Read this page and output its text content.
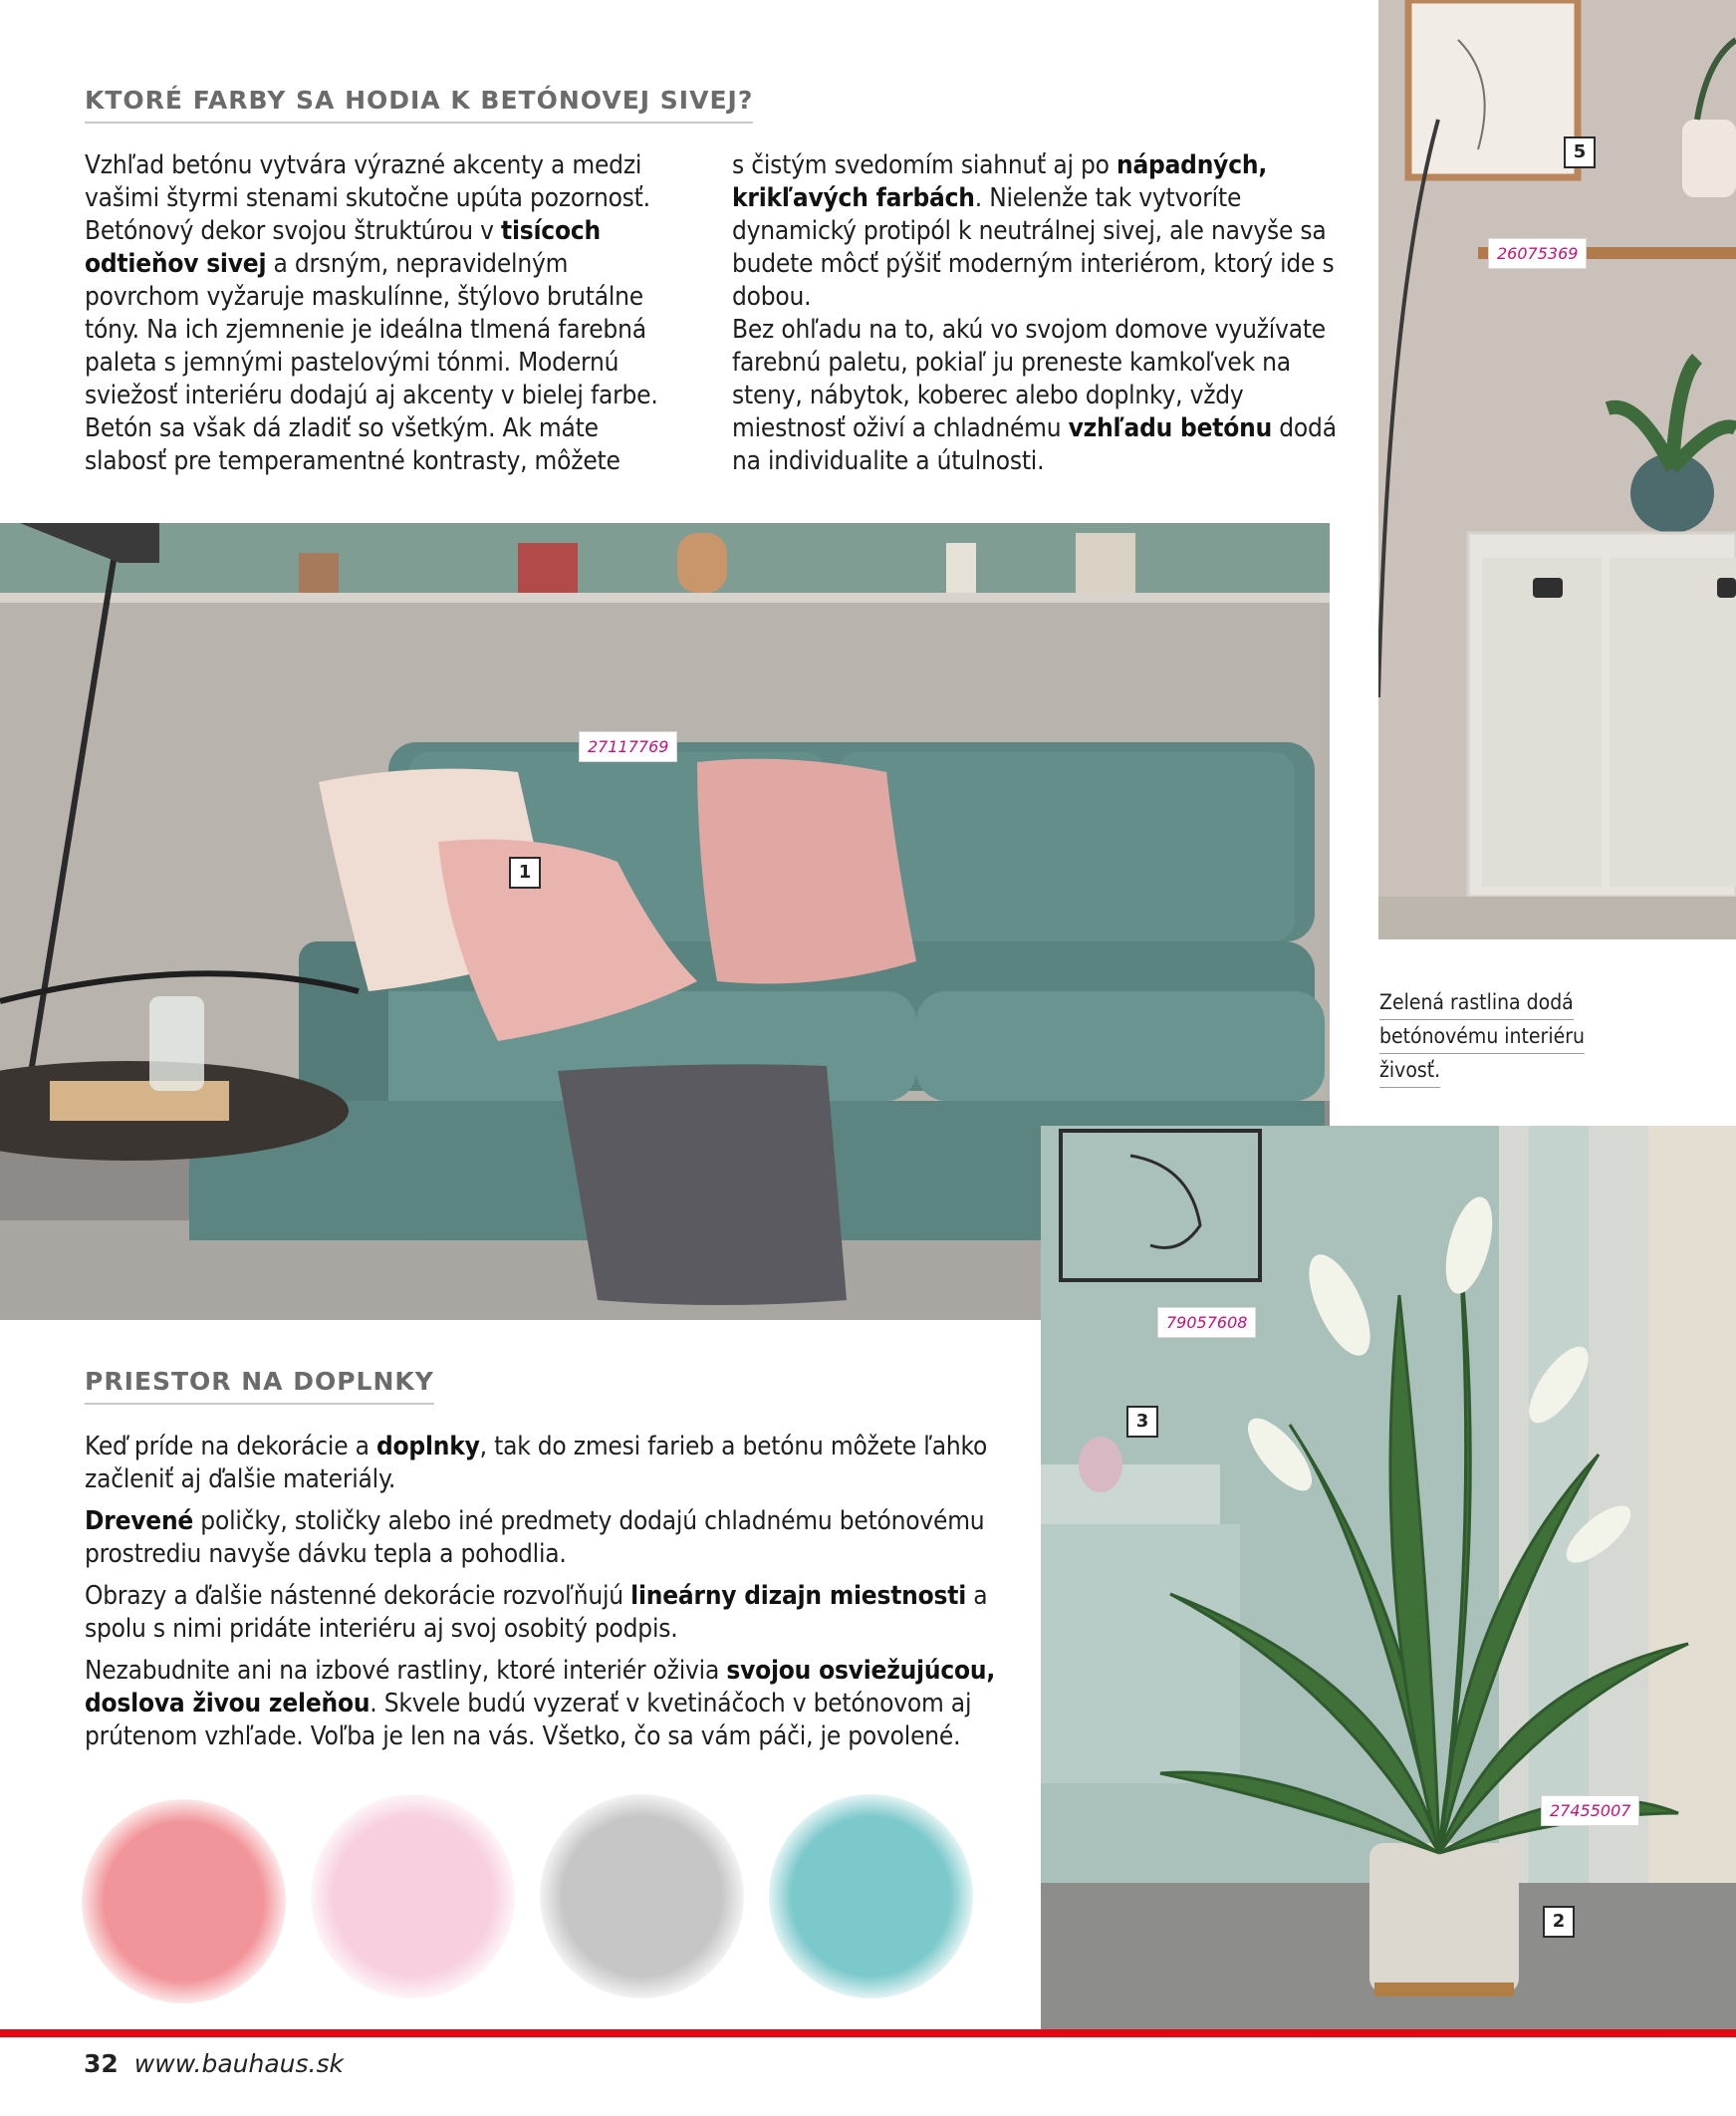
5
26075369
KTORÉ FARBY SA HODIA K BETÓNOVEJ SIVEJ?
Vzhľad betónu vytvára výrazné akcenty a medzi vašimi štyrmi stenami skutočne upúta pozornosť. Betónový dekor svojou štruktúrou v tisícoch odtieňov sivej a drsným, nepravidelným povrchom vyžaruje maskulínne, štýlovo brutálne tóny. Na ich zjemnenie je ideálna tlmená farebná paleta s jemnými pastelovými tónmi. Modernú sviežosť interiéru dodajú aj akcenty v bielej farbe. Betón sa však dá zladiť so všetkým. Ak máte slabosť pre temperamentné kontrasty, môžete

s čistým svedomím siahnuť aj po nápadných, krikľavých farbách. Nielenže tak vytvoríte dynamický protipól k neutrálnej sivej, ale navyše sa budete môcť pýšiť moderným interiérom, ktorý ide s dobou.

Bez ohľadu na to, akú vo svojom domove využívate farebnú paletu, pokiaľ ju preneste kamkoľvek na steny, nábytok, koberec alebo doplnky, vždy miestnosť oživí a chladnému vzhľadu betónu dodá na individualite a útulnosti.

27117769
1
Zelená rastlina dodá
betónovému interiéru
živosť.
79057608
3
27455007
2
PRIESTOR NA DOPLNKY

Keď príde na dekorácie a doplnky, tak do zmesi farieb a betónu môžete ľahko začleniť aj ďalšie materiály.

Drevené poličky, stoličky alebo iné predmety dodajú chladnému betónovému prostrediu navyše dávku tepla a pohodlia.

Obrazy a ďalšie nástenné dekorácie rozvoľňujú lineárny dizajn miestnosti a spolu s nimi pridáte interiéru aj svoj osobitý podpis.

Nezabudnite ani na izbové rastliny, ktoré interiér oživia svojou osviežujúcou, doslova živou zeleňou. Skvele budú vyzerať v kvetináčoch v betónovom aj prútenom vzhľade. Voľba je len na vás. Všetko, čo sa vám páči, je povolené.

32 www.bauhaus.sk
